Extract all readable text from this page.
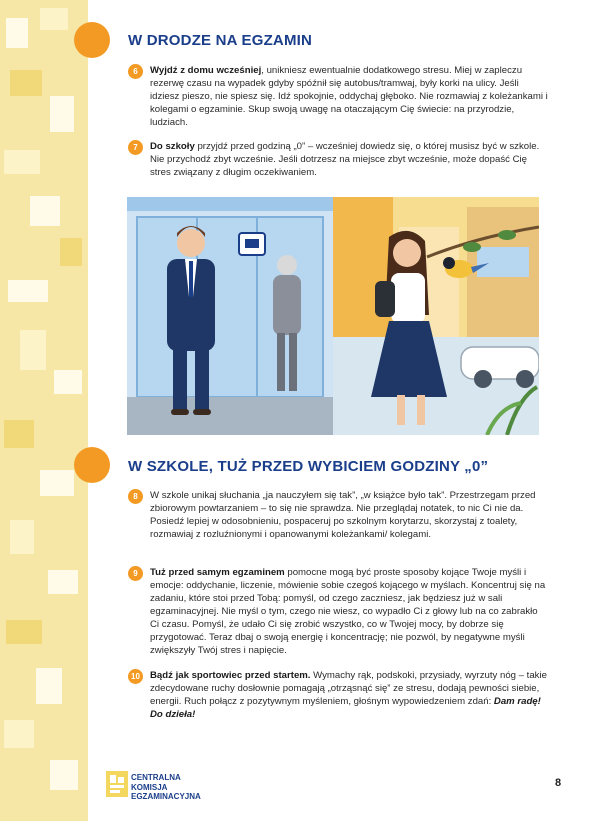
W DRODZE NA EGZAMIN
6	Wyjdź z domu wcześniej, unikniesz ewentualnie dodatkowego stresu. Miej w zapleczu rezerwę czasu na wypadek gdyby spóźnił się autobus/tramwaj, były korki na ulicy. Jeśli idziesz pieszo, nie spiesz się. Idź spokojnie, oddychaj głęboko. Nie rozmawiaj z koleżankami i kolegami o egzaminie. Skup swoją uwagę na otaczającym Cię świecie: na przyrodzie, ludziach.
7	Do szkoły przyjdź przed godziną „0” – wcześniej dowiedz się, o której musisz być w szkole. Nie przychodź zbyt wcześnie. Jeśli dotrzesz na miejsce zbyt wcześnie, może dopaść Cię stres związany z długim oczekiwaniem.
W SZKOLE, TUŻ PRZED WYBICIEM GODZINY „0”
8	W szkole unikaj słuchania „ja nauczyłem się tak”, „w książce było tak”. Przestrzegam przed zbiorowym powtarzaniem – to się nie sprawdza. Nie przeglądaj notatek, to nic Ci nie da. Posiedź lepiej w odosobnieniu, pospaceruj po szkolnym korytarzu, skorzystaj z toalety, rozmawiaj z rozluźnionymi i opanowanymi koleżankami/ kolegami.
9	Tuż przed samym egzaminem pomocne mogą być proste sposoby kojące Twoje myśli i emocje: oddychanie, liczenie, mówienie sobie czegoś kojącego w myślach. Koncentruj się na zadaniu, które stoi przed Tobą: pomyśl, od czego zaczniesz, jak będziesz już w sali egzaminacyjnej. Nie myśl o tym, czego nie wiesz, co wypadło Ci z głowy lub na co zabrakło Ci czasu. Pomyśl, że udało Ci się zrobić wszystko, co w Twojej mocy, by dobrze się przygotować. Teraz dbaj o swoją energię i koncentrację; nie pozwól, by negatywne myśli zwiększyły Twój stres i napięcie.
10	Bądź jak sportowiec przed startem. Wymachy rąk, podskoki, przysiady, wyrzuty nóg – takie zdecydowane ruchy dosłownie pomagają „otrząsnąć się” ze stresu, dodają pewności siebie, energii. Ruch połącz z pozytywnym myśleniem, głośnym wypowiedzeniem zdań: Dam radę! Do dzieła!
CENTRALNA
KOMISJA
EGZAMINACYJNA
8
